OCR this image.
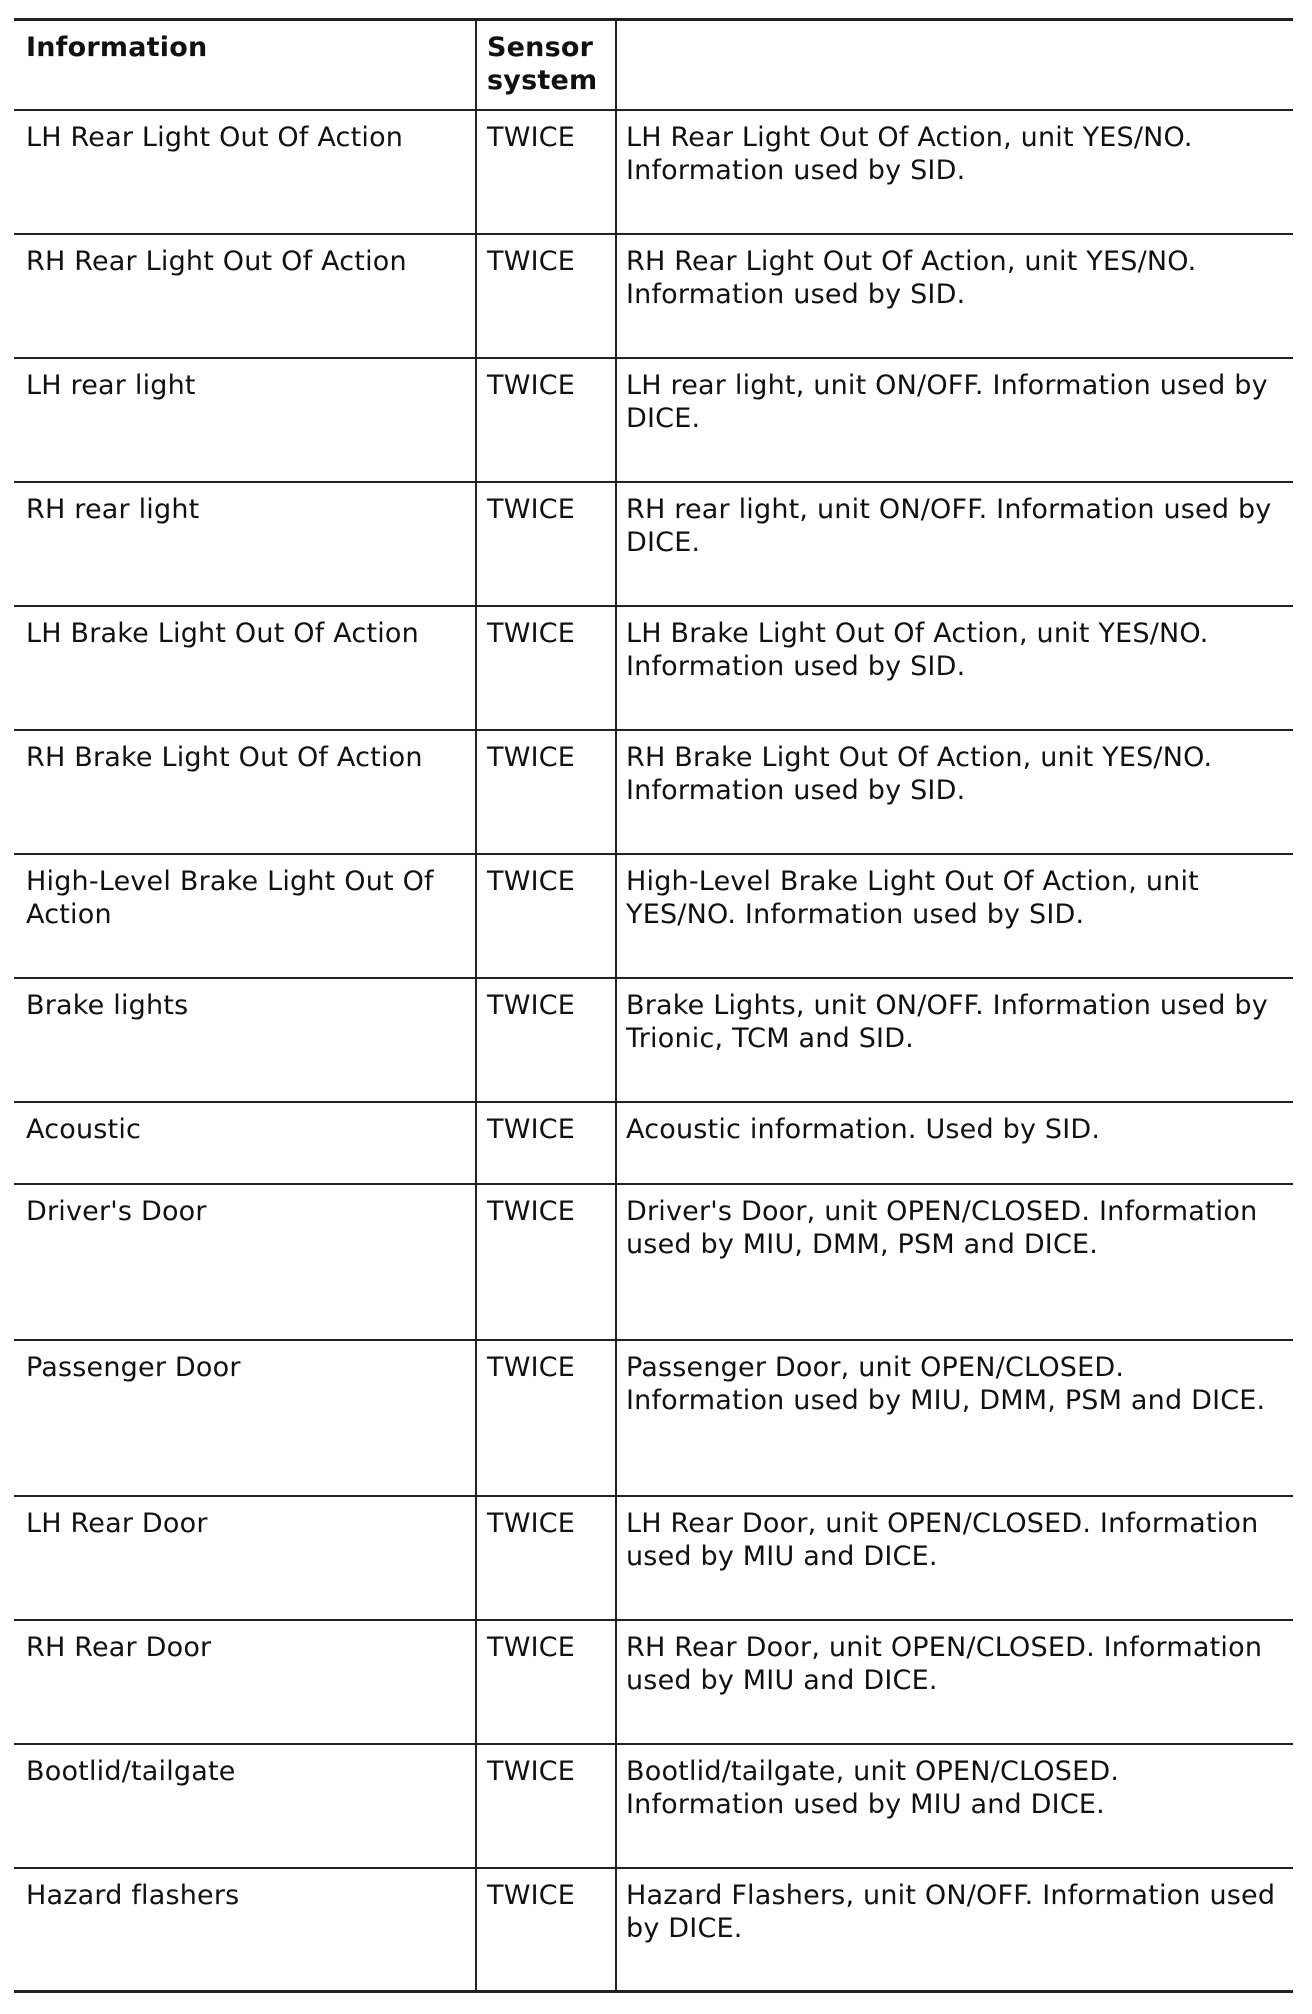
Information	Sensor system	
LH Rear Light Out Of Action	TWICE	LH Rear Light Out Of Action, unit YES/NO. Information used by SID.
RH Rear Light Out Of Action	TWICE	RH Rear Light Out Of Action, unit YES/NO. Information used by SID.
LH rear light	TWICE	LH rear light, unit ON/OFF. Information used by DICE.
RH rear light	TWICE	RH rear light, unit ON/OFF. Information used by DICE.
LH Brake Light Out Of Action	TWICE	LH Brake Light Out Of Action, unit YES/NO. Information used by SID.
RH Brake Light Out Of Action	TWICE	RH Brake Light Out Of Action, unit YES/NO. Information used by SID.
High-Level Brake Light Out Of Action	TWICE	High-Level Brake Light Out Of Action, unit YES/NO. Information used by SID.
Brake lights	TWICE	Brake Lights, unit ON/OFF. Information used by Trionic, TCM and SID.
Acoustic	TWICE	Acoustic information. Used by SID.
Driver's Door	TWICE	Driver's Door, unit OPEN/CLOSED. Information used by MIU, DMM, PSM and DICE.
Passenger Door	TWICE	Passenger Door, unit OPEN/CLOSED. Information used by MIU, DMM, PSM and DICE.
LH Rear Door	TWICE	LH Rear Door, unit OPEN/CLOSED. Information used by MIU and DICE.
RH Rear Door	TWICE	RH Rear Door, unit OPEN/CLOSED. Information used by MIU and DICE.
Bootlid/tailgate	TWICE	Bootlid/tailgate, unit OPEN/CLOSED. Information used by MIU and DICE.
Hazard flashers	TWICE	Hazard Flashers, unit ON/OFF. Information used by DICE.
